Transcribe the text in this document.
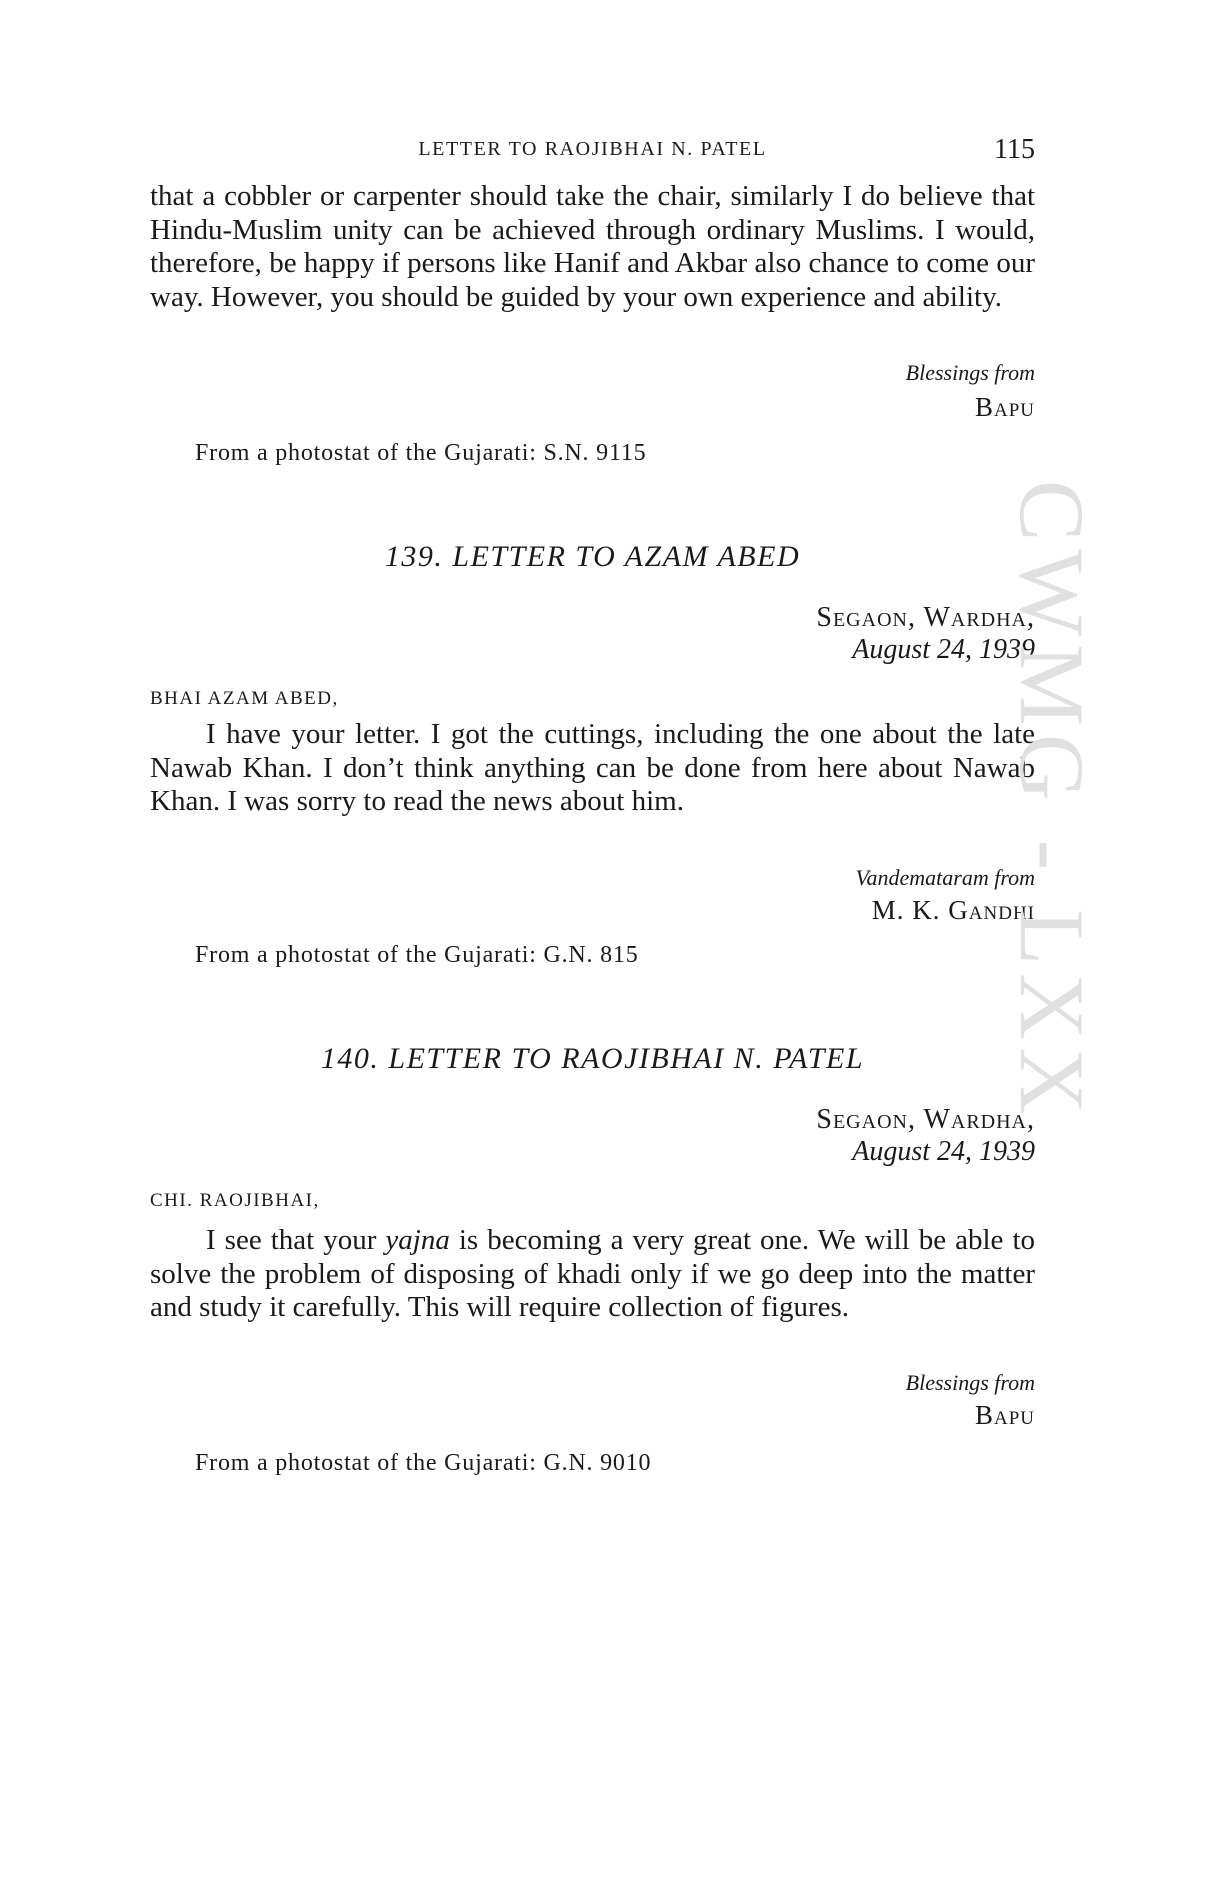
LETTER TO RAOJIBHAI N. PATEL	115

that a cobbler or carpenter should take the chair, similarly I do believe that Hindu-Muslim unity can be achieved through ordinary Muslims. I would, therefore, be happy if persons like Hanif and Akbar also chance to come our way. However, you should be guided by your own experience and ability.

Blessings from
Bapu
From a photostat of the Gujarati: S.N. 9115
139. LETTER TO AZAM ABED
Segaon, Wardha,
August 24, 1939
BHAI AZAM ABED,

I have your letter. I got the cuttings, including the one about the late Nawab Khan. I don’t think anything can be done from here about Nawab Khan. I was sorry to read the news about him.

Vandemataram from
M. K. Gandhi
From a photostat of the Gujarati: G.N. 815
140. LETTER TO RAOJIBHAI N. PATEL
Segaon, Wardha,
August 24, 1939
CHI. RAOJIBHAI,

I see that your yajna is becoming a very great one. We will be able to solve the problem of disposing of khadi only if we go deep into the matter and study it carefully. This will require collection of figures.

Blessings from
Bapu
From a photostat of the Gujarati: G.N. 9010
CWMG - LXX
